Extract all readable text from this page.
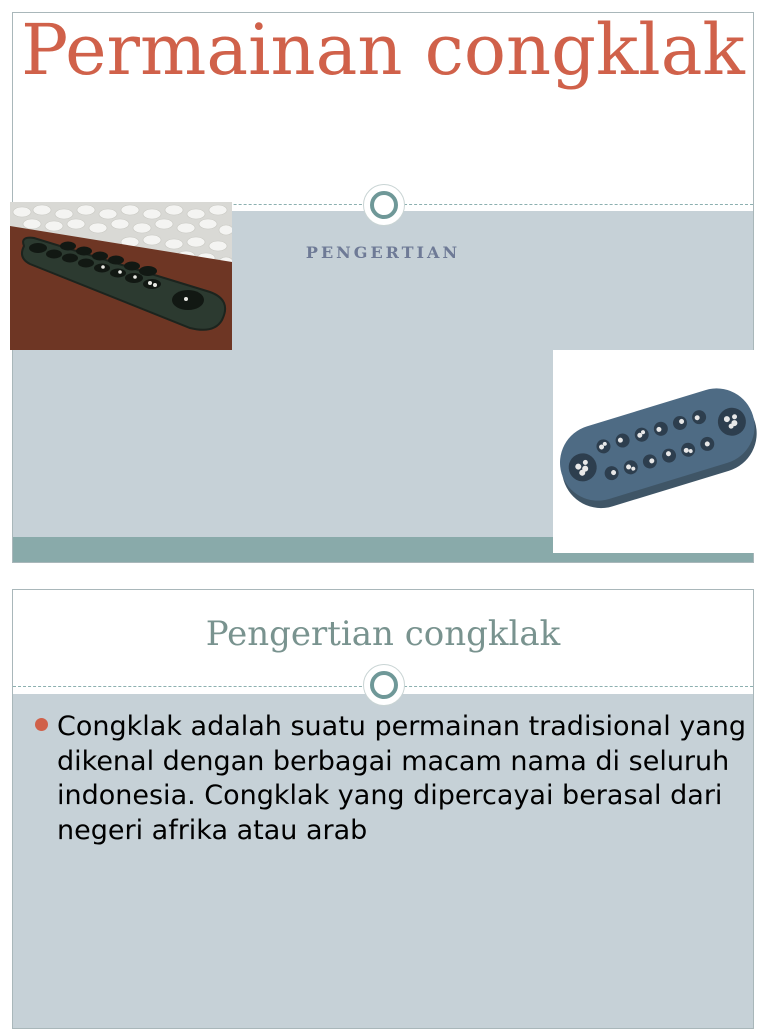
Permainan congklak
PENGERTIAN
Pengertian congklak
Congklak adalah suatu permainan tradisional yang dikenal dengan berbagai macam nama di seluruh indonesia. Congklak yang dipercayai berasal dari negeri afrika atau arab
